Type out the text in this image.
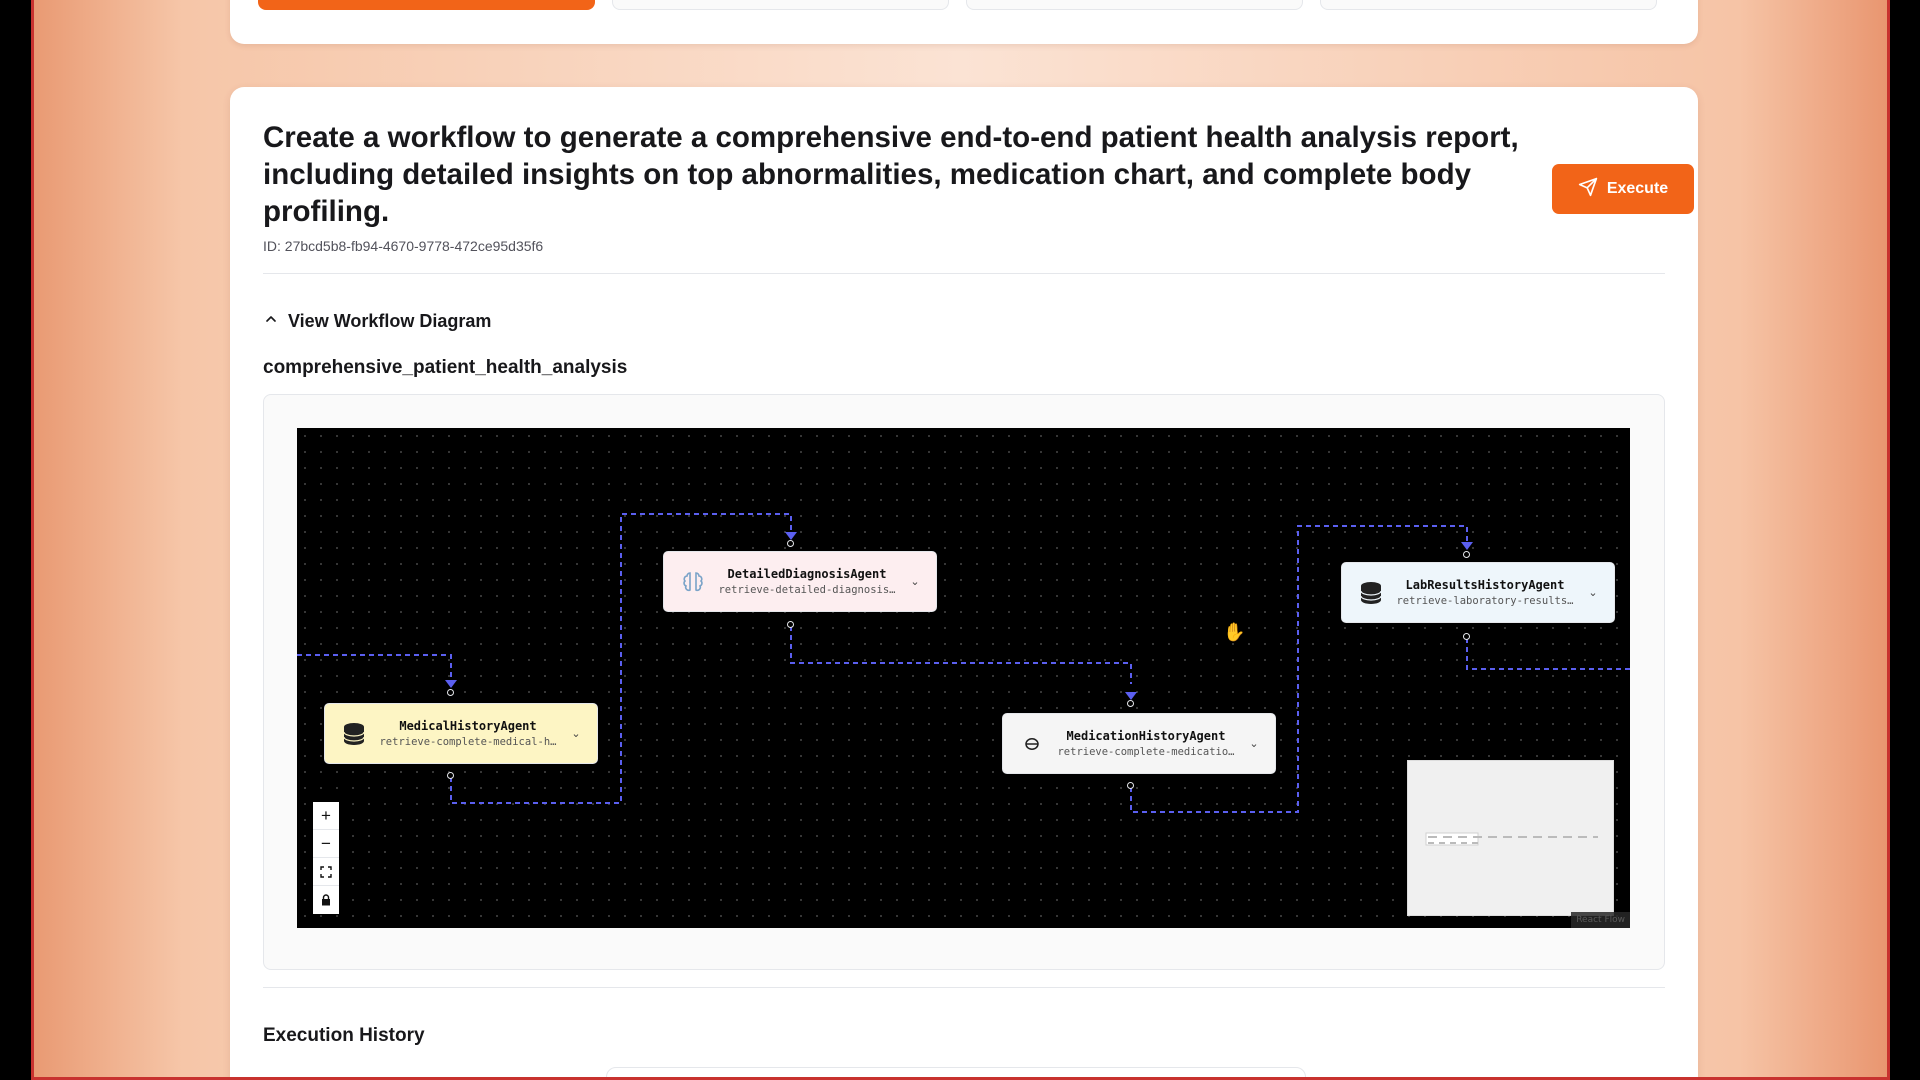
Create a workflow to generate a comprehensive end-to-end patient health analysis report, including detailed insights on top abnormalities, medication chart, and complete body profiling.
ID: 27bcd5b8-fb94-4670-9778-472ce95d35f6
Execute
View Workflow Diagram
comprehensive_patient_health_analysis
MedicalHistoryAgent
retrieve-complete-medical-h…
⌄
DetailedDiagnosisAgent
retrieve-detailed-diagnosis…
⌄
MedicationHistoryAgent
retrieve-complete-medicatio…
⌄
LabResultsHistoryAgent
retrieve-laboratory-results…
⌄
✋
+
−
React Flow
Execution History
